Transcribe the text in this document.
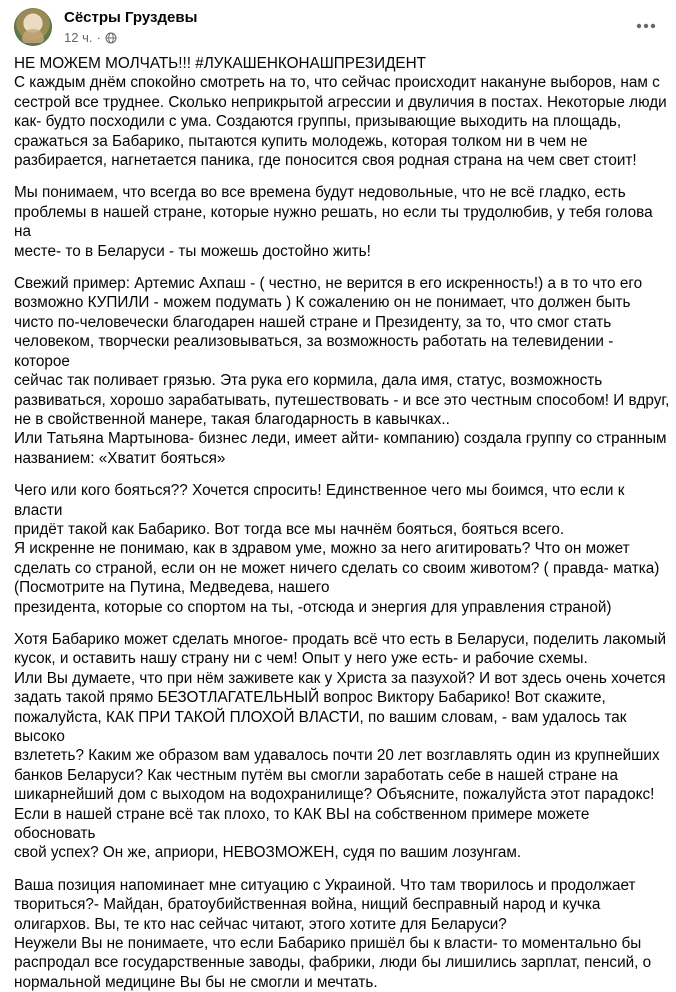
Сёстры Груздевы
12 ч. ·

НЕ МОЖЕМ МОЛЧАТЬ!!! #ЛУКАШЕНКОНАШПРЕЗИДЕНТ
С каждым днём спокойно смотреть на то, что сейчас происходит накануне выборов, нам с
сестрой все труднее. Сколько неприкрытой агрессии и двуличия в постах. Некоторые люди
как- будто посходили с ума. Создаются группы, призывающие выходить на площадь,
сражаться за Бабарико, пытаются купить молодежь, которая толком ни в чем не
разбирается, нагнетается паника, где поносится своя родная страна на чем свет стоит!

Мы понимаем, что всегда во все времена будут недовольные, что не всё гладко, есть
проблемы в нашей стране, которые нужно решать, но если ты трудолюбив, у тебя голова на
месте- то в Беларуси - ты можешь достойно жить!

Свежий пример: Артемис Ахпаш - ( честно, не верится в его искренность!) а в то что его
возможно КУПИЛИ - можем подумать ) К сожалению он не понимает, что должен быть
чисто по-человечески благодарен нашей стране и Президенту, за то, что смог стать
человеком, творчески реализовываться, за возможность работать на телевидении - которое
сейчас так поливает грязью. Эта рука его кормила, дала имя, статус, возможность
развиваться, хорошо зарабатывать, путешествовать - и все это честным способом! И вдруг,
не в свойственной манере, такая благодарность в кавычках..
Или Татьяна Мартынова- бизнес леди, имеет айти- компанию) создала группу со странным
названием: «Хватит бояться»

Чего или кого бояться?? Хочется спросить! Единственное чего мы боимся, что если к власти
придёт такой как Бабарико. Вот тогда все мы начнём бояться, бояться всего.
Я искренне не понимаю, как в здравом уме, можно за него агитировать? Что он может
сделать со страной, если он не может ничего сделать со своим животом? ( правда- матка)
(Посмотрите на Путина, Медведева, нашего
президента, которые со спортом на ты, -отсюда и энергия для управления страной)

Хотя Бабарико может сделать многое- продать всё что есть в Беларуси, поделить лакомый
кусок, и оставить нашу страну ни с чем! Опыт у него уже есть- и рабочие схемы.
Или Вы думаете, что при нём заживете как у Христа за пазухой? И вот здесь очень хочется
задать такой прямо БЕЗОТЛАГАТЕЛЬНЫЙ вопрос Виктору Бабарико! Вот скажите,
пожалуйста, КАК ПРИ ТАКОЙ ПЛОХОЙ ВЛАСТИ, по вашим словам, - вам удалось так высоко
взлететь? Каким же образом вам удавалось почти 20 лет возглавлять один из крупнейших
банков Беларуси? Как честным путём вы смогли заработать себе в нашей стране на
шикарнейший дом с выходом на водохранилище? Объясните, пожалуйста этот парадокс!
Если в нашей стране всё так плохо, то КАК ВЫ на собственном примере можете обосновать
свой успех? Он же, априори, НЕВОЗМОЖЕН, судя по вашим лозунгам.

Ваша позиция напоминает мне ситуацию с Украиной. Что там творилось и продолжает
твориться?- Майдан, братоубийственная война, нищий бесправный народ и кучка
олигархов. Вы, те кто нас сейчас читают, этого хотите для Беларуси?
Неужели Вы не понимаете, что если Бабарико пришёл бы к власти- то моментально бы
распродал все государственные заводы, фабрики, люди бы лишились зарплат, пенсий, о
нормальной медицине Вы бы не смогли и мечтать.
